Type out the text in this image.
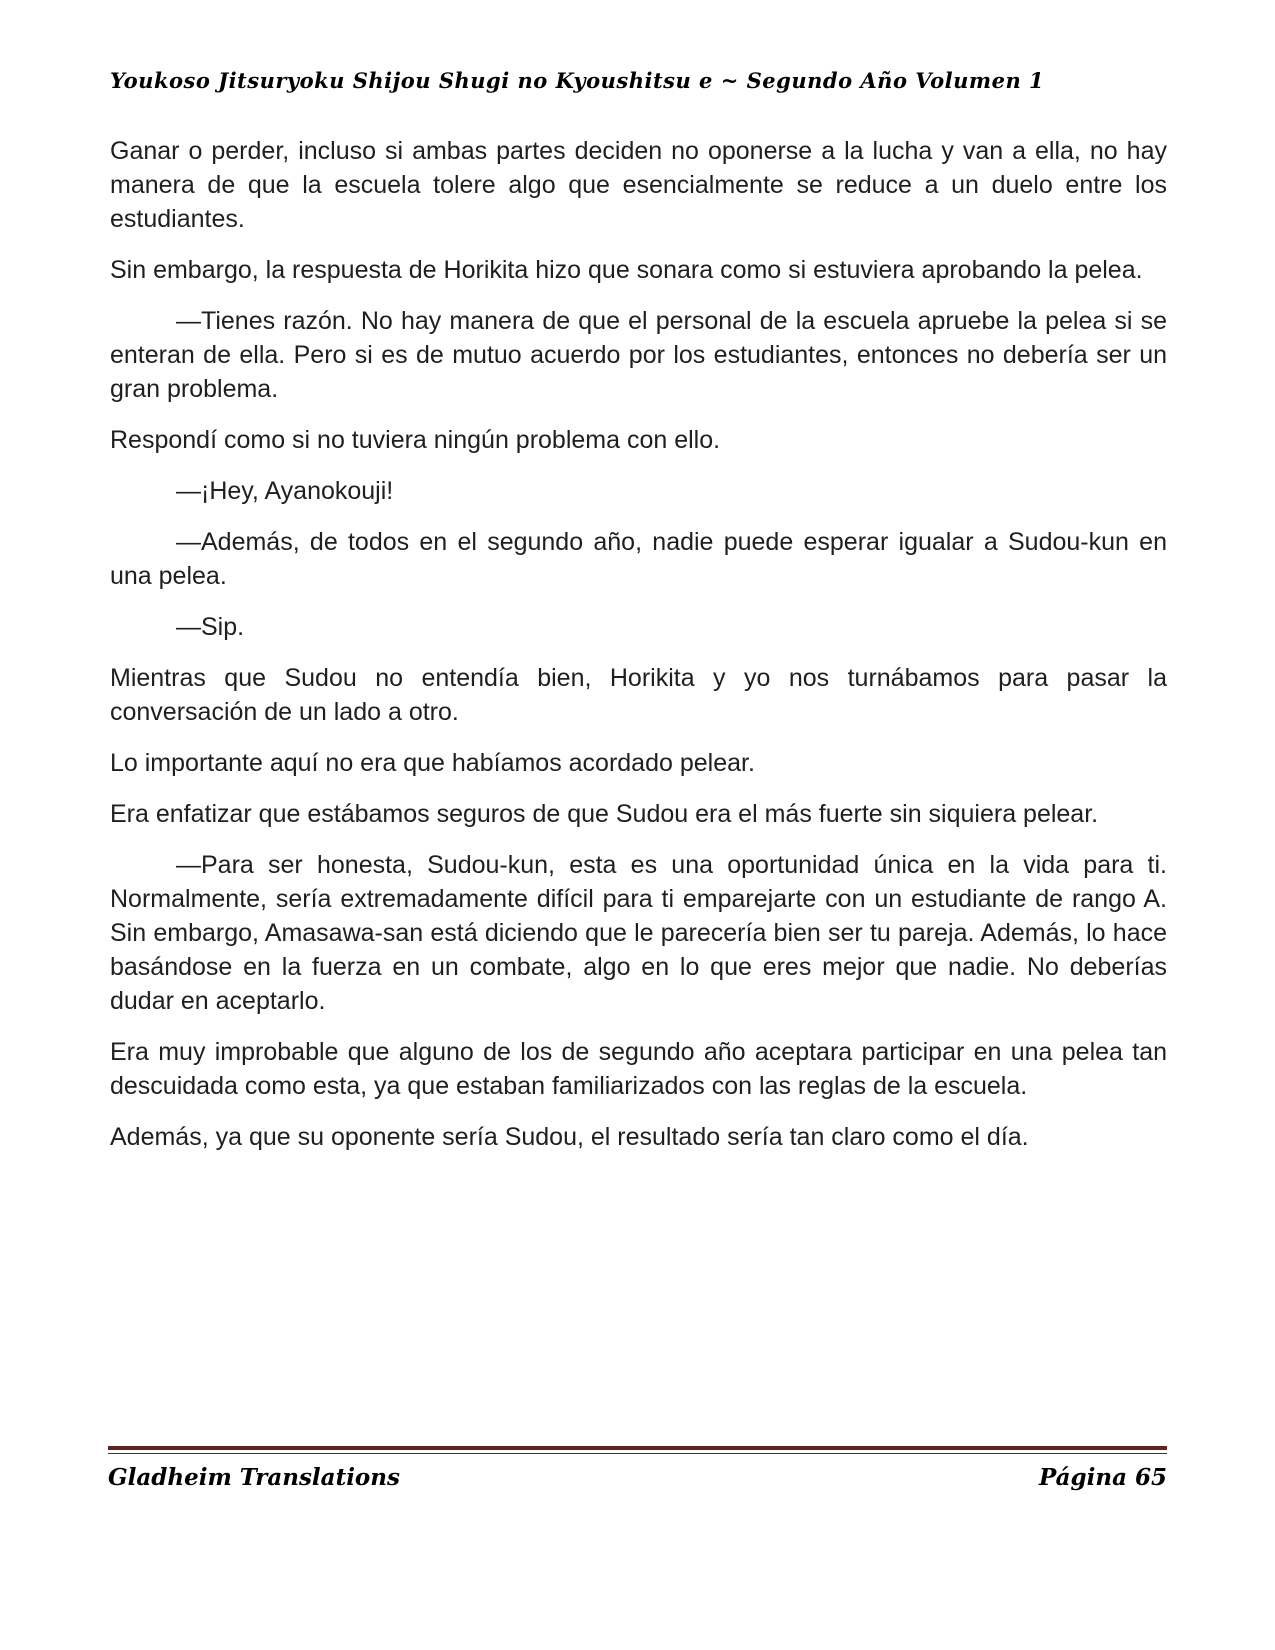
Youkoso Jitsuryoku Shijou Shugi no Kyoushitsu e ~ Segundo Año Volumen 1

Ganar o perder, incluso si ambas partes deciden no oponerse a la lucha y van a ella, no hay manera de que la escuela tolere algo que esencialmente se reduce a un duelo entre los estudiantes.

Sin embargo, la respuesta de Horikita hizo que sonara como si estuviera aprobando la pelea.

—Tienes razón. No hay manera de que el personal de la escuela apruebe la pelea si se enteran de ella. Pero si es de mutuo acuerdo por los estudiantes, entonces no debería ser un gran problema.

Respondí como si no tuviera ningún problema con ello.

—¡Hey, Ayanokouji!

—Además, de todos en el segundo año, nadie puede esperar igualar a Sudou-kun en una pelea.

—Sip.

Mientras que Sudou no entendía bien, Horikita y yo nos turnábamos para pasar la conversación de un lado a otro.

Lo importante aquí no era que habíamos acordado pelear.

Era enfatizar que estábamos seguros de que Sudou era el más fuerte sin siquiera pelear.

—Para ser honesta, Sudou-kun, esta es una oportunidad única en la vida para ti. Normalmente, sería extremadamente difícil para ti emparejarte con un estudiante de rango A. Sin embargo, Amasawa-san está diciendo que le parecería bien ser tu pareja. Además, lo hace basándose en la fuerza en un combate, algo en lo que eres mejor que nadie. No deberías dudar en aceptarlo.

Era muy improbable que alguno de los de segundo año aceptara participar en una pelea tan descuidada como esta, ya que estaban familiarizados con las reglas de la escuela.

Además, ya que su oponente sería Sudou, el resultado sería tan claro como el día.

Gladheim Translations	Página 65
